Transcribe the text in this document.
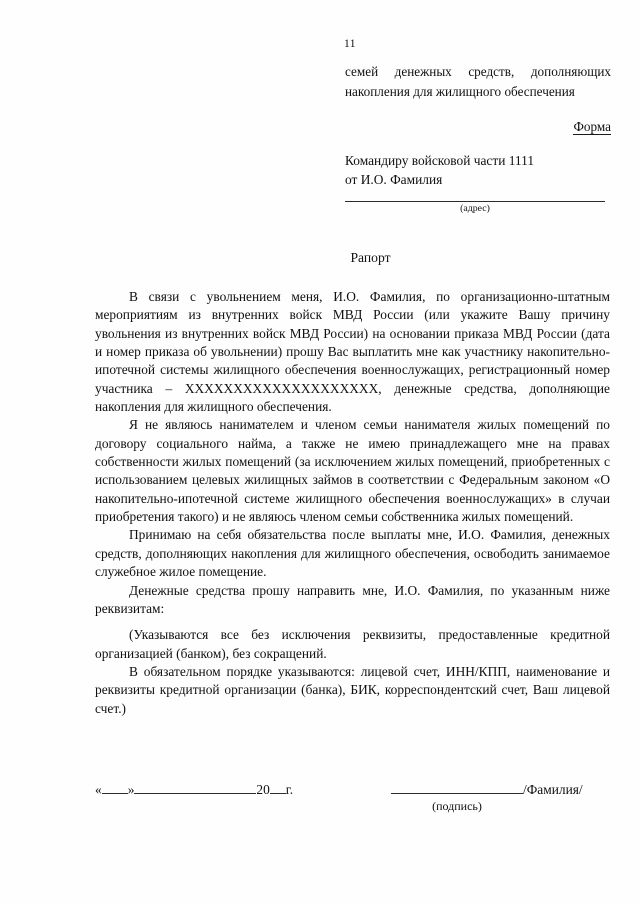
11
семей денежных средств, дополняющих накопления для жилищного обеспечения
Форма
Командиру войсковой части 1111
от И.О. Фамилия
(адрес)
Рапорт

В связи с увольнением меня, И.О. Фамилия, по организационно-штатным мероприятиям из внутренних войск МВД России (или укажите Вашу причину увольнения из внутренних войск МВД России) на основании приказа МВД России (дата и номер приказа об увольнении) прошу Вас выплатить мне как участнику накопительно-ипотечной системы жилищного обеспечения военнослужащих, регистрационный номер участника – XXXXXXXXXXXXXXXXXXXX, денежные средства, дополняющие накопления для жилищного обеспечения.

Я не являюсь нанимателем и членом семьи нанимателя жилых помещений по договору социального найма, а также не имею принадлежащего мне на правах собственности жилых помещений (за исключением жилых помещений, приобретенных с использованием целевых жилищных займов в соответствии с Федеральным законом «О накопительно-ипотечной системе жилищного обеспечения военнослужащих» в случаи приобретения такого) и не являюсь членом семьи собственника жилых помещений.

Принимаю на себя обязательства после выплаты мне, И.О. Фамилия, денежных средств, дополняющих накопления для жилищного обеспечения, освободить занимаемое служебное жилое помещение.

Денежные средства прошу направить мне, И.О. Фамилия, по указанным ниже реквизитам:

(Указываются все без исключения реквизиты, предоставленные кредитной организацией (банком), без сокращений.

В обязательном порядке указываются: лицевой счет, ИНН/КПП, наименование и реквизиты кредитной организации (банка), БИК, корреспондентский счет, Ваш лицевой счет.)

« »	20 г.	/Фамилия/
(подпись)
